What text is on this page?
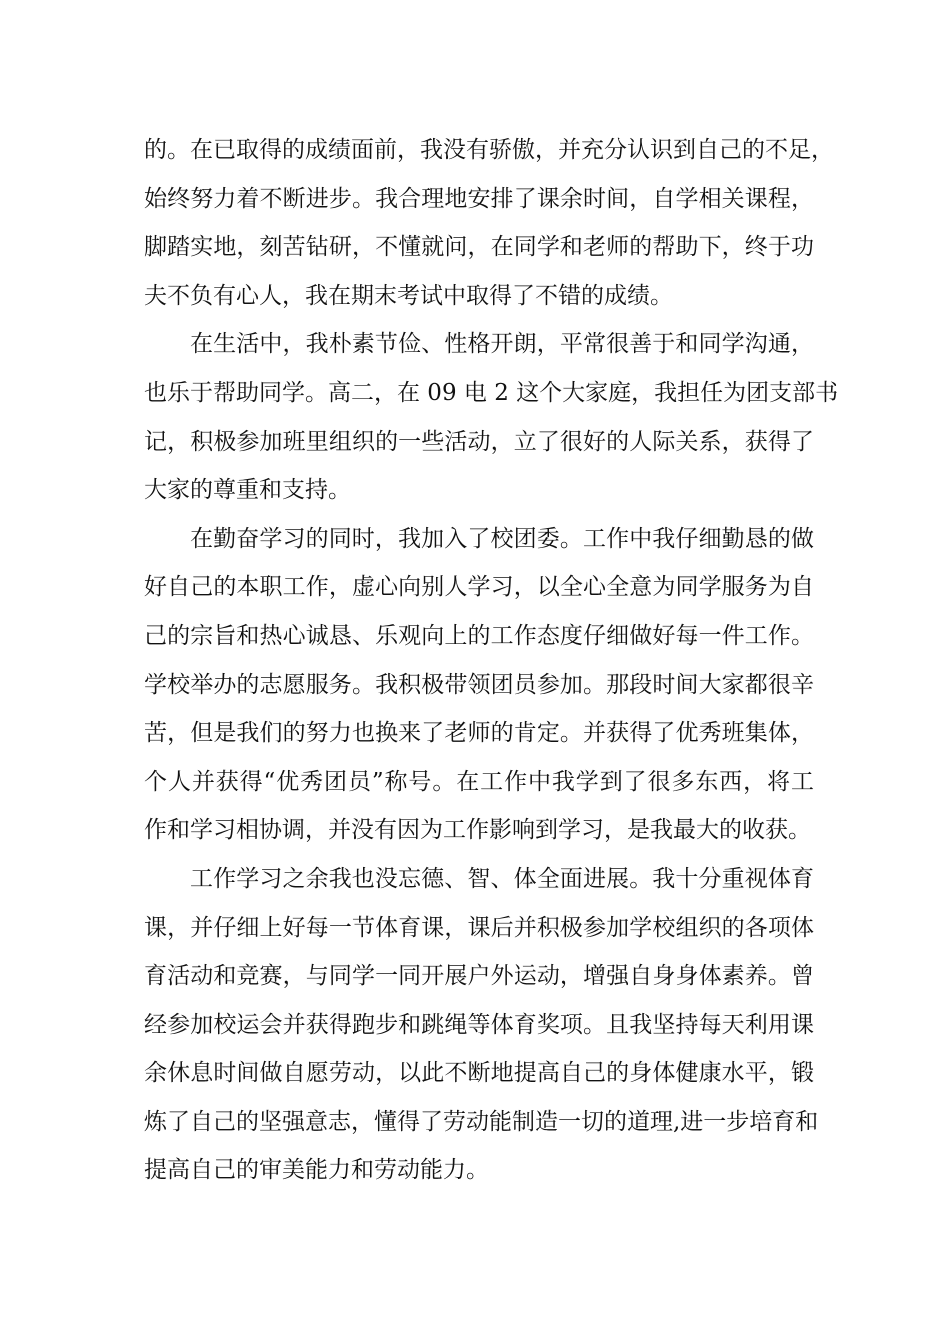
的。在已取得的成绩面前，我没有骄傲，并充分认识到自己的不足，
始终努力着不断进步。我合理地安排了课余时间，自学相关课程，
脚踏实地，刻苦钻研，不懂就问，在同学和老师的帮助下，终于功
夫不负有心人，我在期末考试中取得了不错的成绩。
在生活中，我朴素节俭、性格开朗，平常很善于和同学沟通，
也乐于帮助同学。高二，在 09 电 2 这个大家庭，我担任为团支部书
记，积极参加班里组织的一些活动，立了很好的人际关系，获得了
大家的尊重和支持。
在勤奋学习的同时，我加入了校团委。工作中我仔细勤恳的做
好自己的本职工作，虚心向别人学习，以全心全意为同学服务为自
己的宗旨和热心诚恳、乐观向上的工作态度仔细做好每一件工作。
学校举办的志愿服务。我积极带领团员参加。那段时间大家都很辛
苦，但是我们的努力也换来了老师的肯定。并获得了优秀班集体，
个人并获得“优秀团员”称号。在工作中我学到了很多东西，将工
作和学习相协调，并没有因为工作影响到学习，是我最大的收获。
工作学习之余我也没忘德、智、体全面进展。我十分重视体育
课，并仔细上好每一节体育课，课后并积极参加学校组织的各项体
育活动和竞赛，与同学一同开展户外运动，增强自身身体素养。曾
经参加校运会并获得跑步和跳绳等体育奖项。且我坚持每天利用课
余休息时间做自愿劳动，以此不断地提高自己的身体健康水平，锻
炼了自己的坚强意志，懂得了劳动能制造一切的道理,进一步培育和
提高自己的审美能力和劳动能力。
